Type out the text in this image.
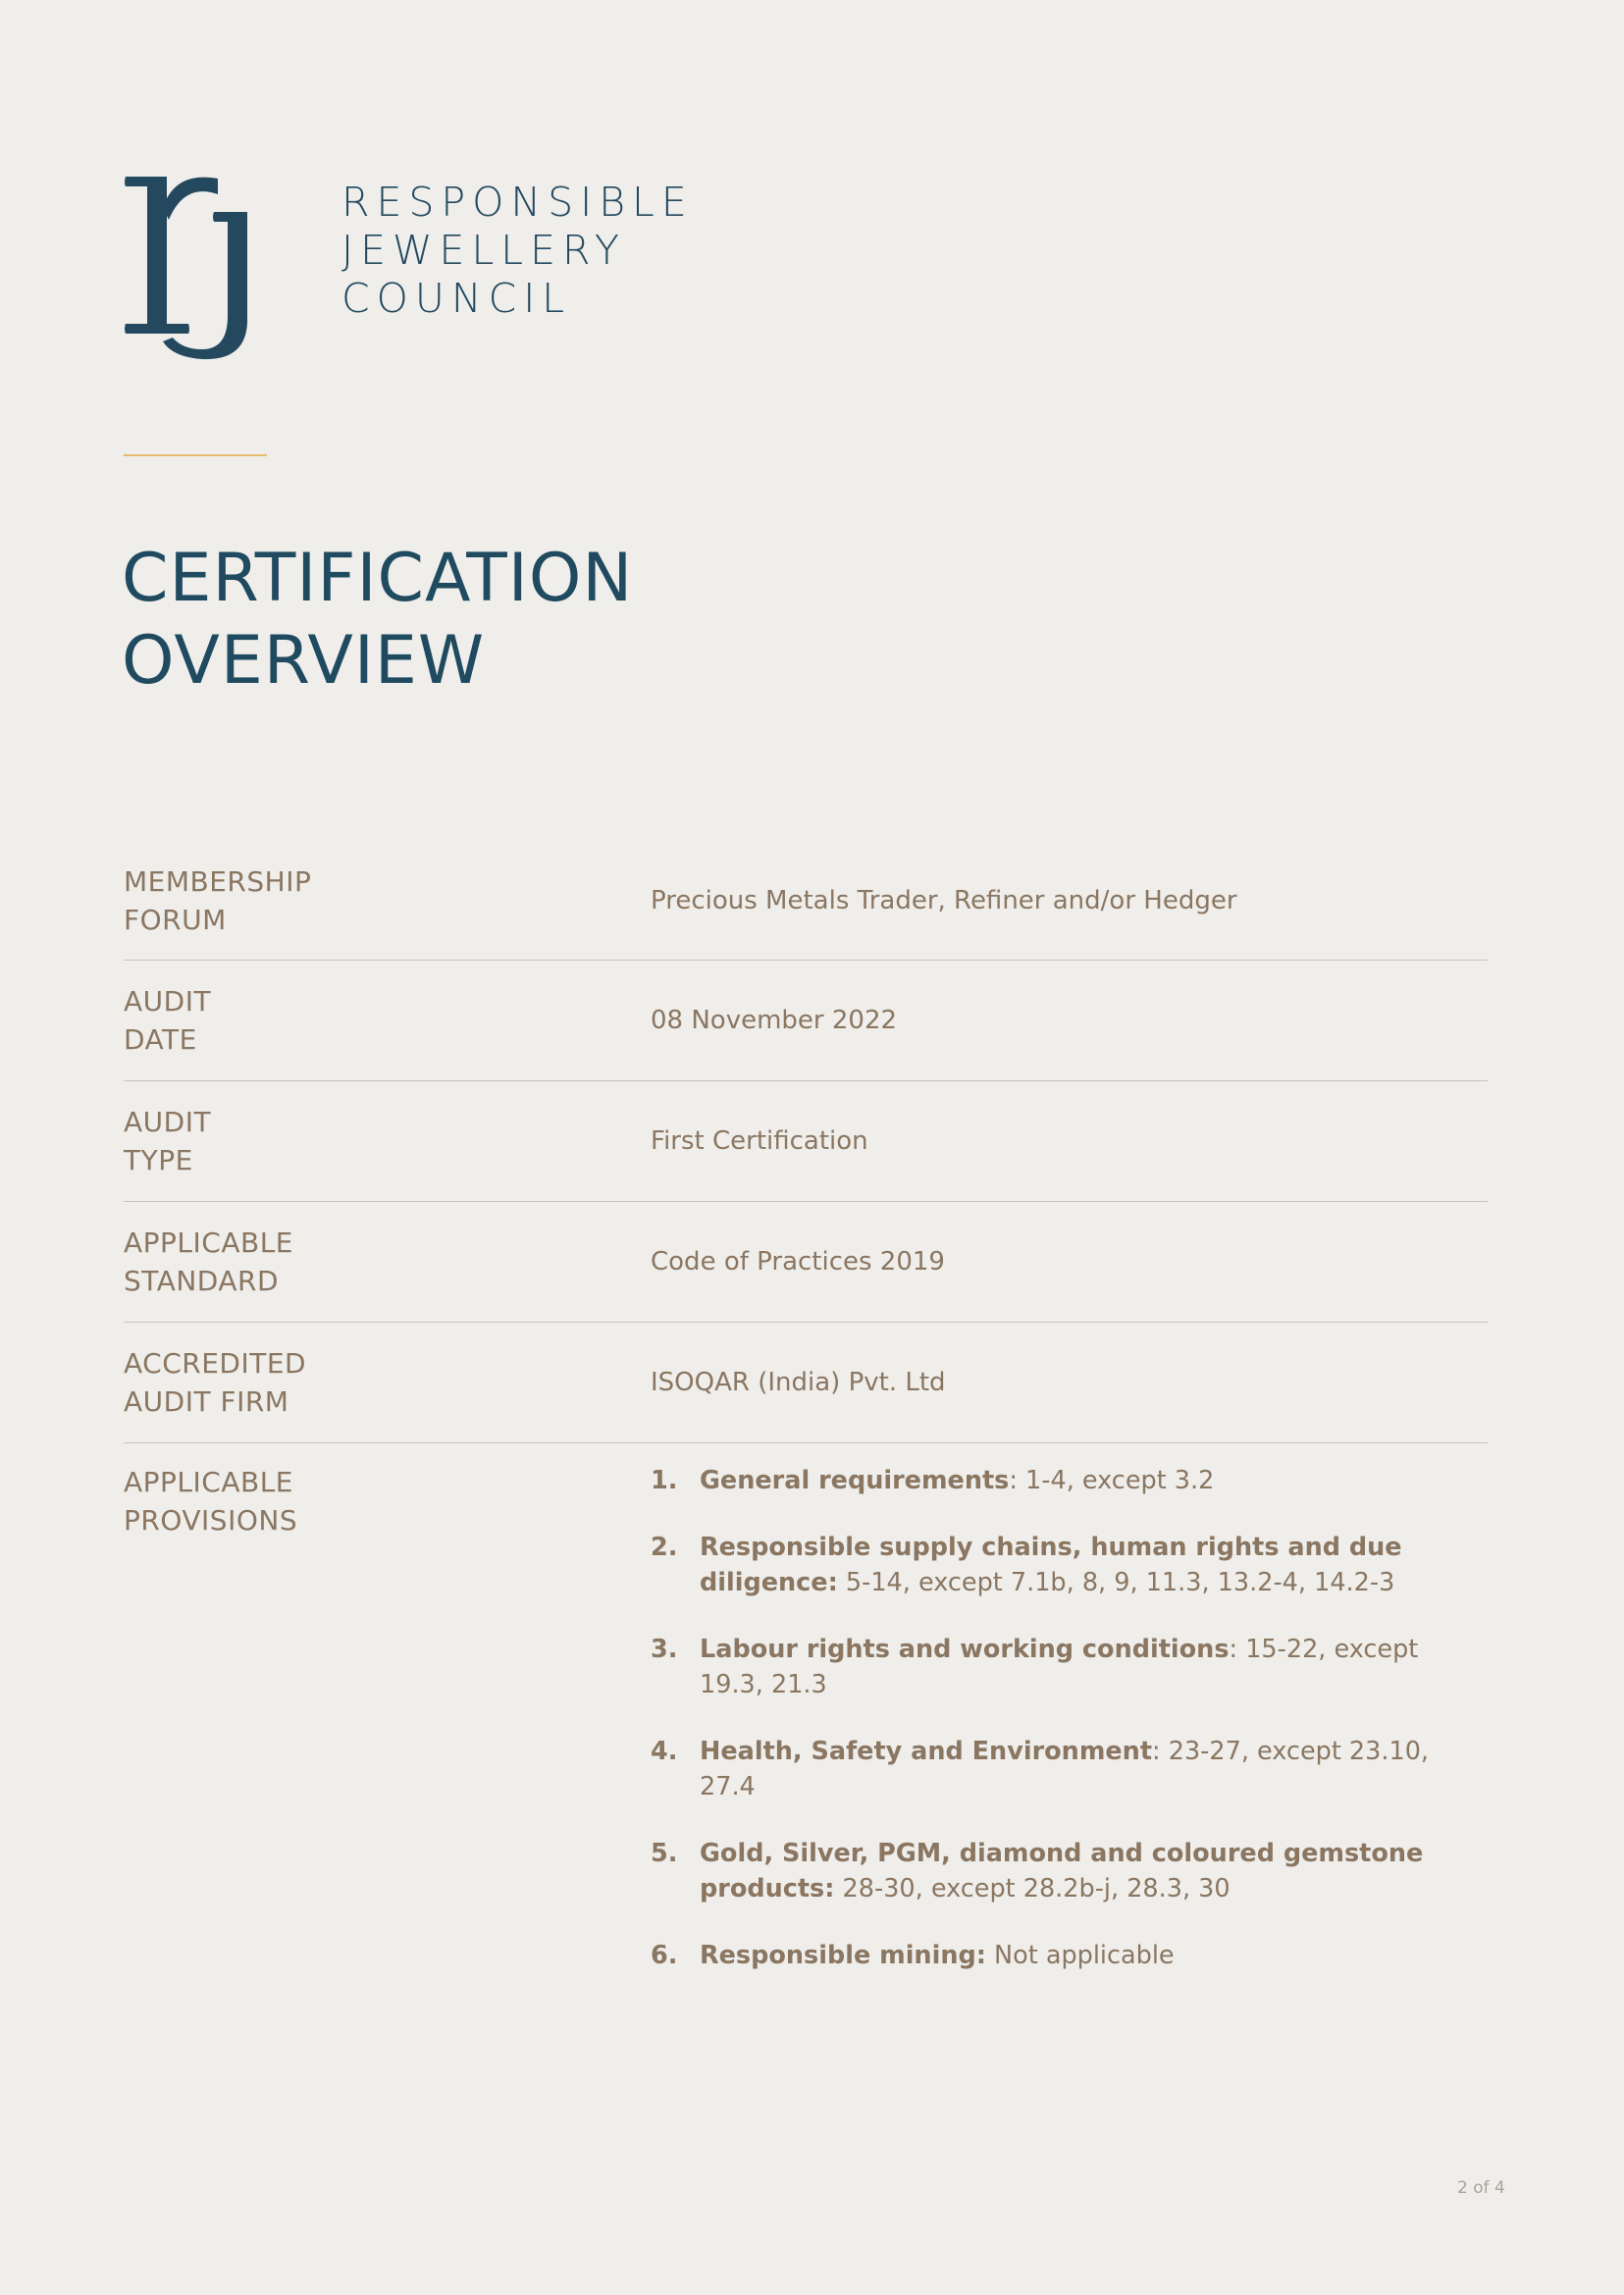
RESPONSIBLE
JEWELLERY
COUNCIL
CERTIFICATION
OVERVIEW
MEMBERSHIP
FORUM
Precious Metals Trader, Refiner and/or Hedger
AUDIT
DATE
08 November 2022
AUDIT
TYPE
First Certification
APPLICABLE
STANDARD
Code of Practices 2019
ACCREDITED
AUDIT FIRM
ISOQAR (India) Pvt. Ltd
APPLICABLE
PROVISIONS
1. General requirements: 1-4, except 3.2
2. Responsible supply chains, human rights and due diligence: 5-14, except 7.1b, 8, 9, 11.3, 13.2-4, 14.2-3
3. Labour rights and working conditions: 15-22, except 19.3, 21.3
4. Health, Safety and Environment: 23-27, except 23.10, 27.4
5. Gold, Silver, PGM, diamond and coloured gemstone products: 28-30, except 28.2b-j, 28.3, 30
6. Responsible mining: Not applicable
2 of 4
